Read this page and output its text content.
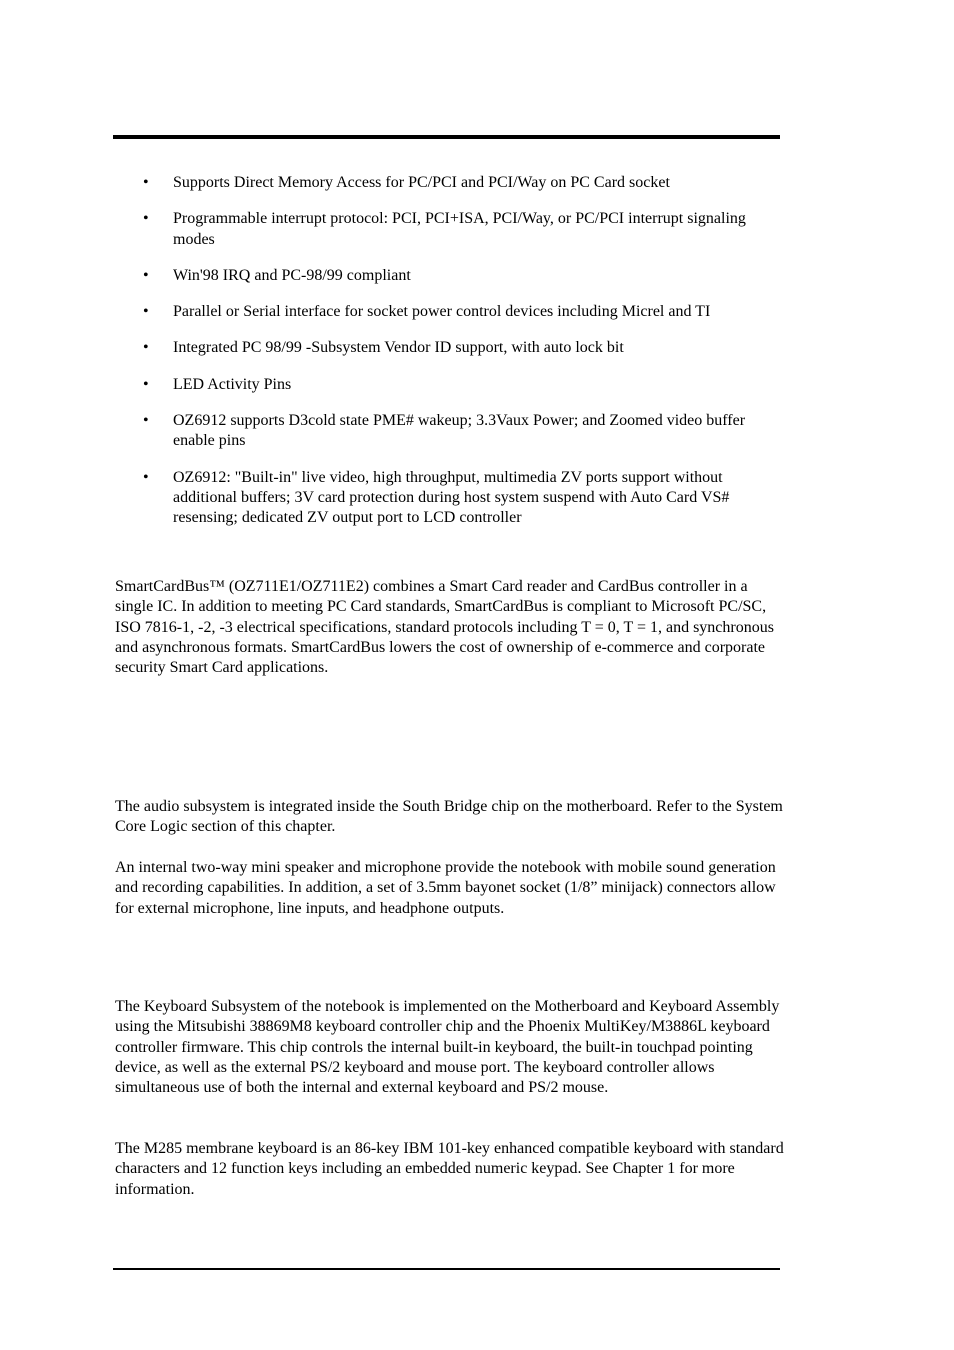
• Supports Direct Memory Access for PC/PCI and PCI/Way on PC Card socket
• Programmable interrupt protocol: PCI, PCI+ISA, PCI/Way, or PC/PCI interrupt signaling modes
• Win'98 IRQ and PC-98/99 compliant
• Parallel or Serial interface for socket power control devices including Micrel and TI
• Integrated PC 98/99 -Subsystem Vendor ID support, with auto lock bit
• LED Activity Pins
• OZ6912 supports D3cold state PME# wakeup; 3.3Vaux Power; and Zoomed video buffer enable pins
• OZ6912: "Built-in" live video, high throughput, multimedia ZV ports support without additional buffers; 3V card protection during host system suspend with Auto Card VS# resensing; dedicated ZV output port to LCD controller

SmartCardBus™ (OZ711E1/OZ711E2) combines a Smart Card reader and CardBus controller in a single IC. In addition to meeting PC Card standards, SmartCardBus is compliant to Microsoft PC/SC, ISO 7816-1, -2, -3 electrical specifications, standard protocols including T = 0, T = 1, and synchronous and asynchronous formats. SmartCardBus lowers the cost of ownership of e-commerce and corporate security Smart Card applications.

The audio subsystem is integrated inside the South Bridge chip on the motherboard. Refer to the System Core Logic section of this chapter.

An internal two-way mini speaker and microphone provide the notebook with mobile sound generation and recording capabilities. In addition, a set of 3.5mm bayonet socket (1/8” minijack) connectors allow for external microphone, line inputs, and headphone outputs.

The Keyboard Subsystem of the notebook is implemented on the Motherboard and Keyboard Assembly using the Mitsubishi 38869M8 keyboard controller chip and the Phoenix MultiKey/M3886L keyboard controller firmware. This chip controls the internal built-in keyboard, the built-in touchpad pointing device, as well as the external PS/2 keyboard and mouse port. The keyboard controller allows simultaneous use of both the internal and external keyboard and PS/2 mouse.

The M285 membrane keyboard is an 86-key IBM 101-key enhanced compatible keyboard with standard characters and 12 function keys including an embedded numeric keypad. See Chapter 1 for more information.
